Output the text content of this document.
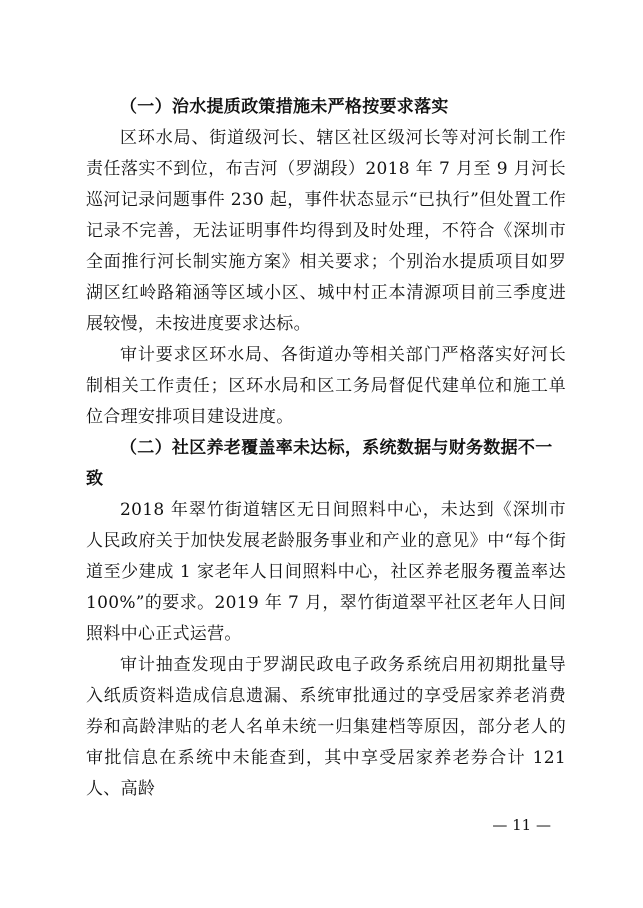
（一）治水提质政策措施未严格按要求落实

区环水局、街道级河长、辖区社区级河长等对河长制工作责任落实不到位，布吉河（罗湖段）2018 年 7 月至 9 月河长巡河记录问题事件 230 起，事件状态显示“已执行”但处置工作记录不完善，无法证明事件均得到及时处理，不符合《深圳市全面推行河长制实施方案》相关要求；个别治水提质项目如罗湖区红岭路箱涵等区域小区、城中村正本清源项目前三季度进展较慢，未按进度要求达标。

审计要求区环水局、各街道办等相关部门严格落实好河长制相关工作责任；区环水局和区工务局督促代建单位和施工单位合理安排项目建设进度。

（二）社区养老覆盖率未达标，系统数据与财务数据不一致

2018 年翠竹街道辖区无日间照料中心，未达到《深圳市人民政府关于加快发展老龄服务事业和产业的意见》中“每个街道至少建成 1 家老年人日间照料中心，社区养老服务覆盖率达100%”的要求。2019 年 7 月，翠竹街道翠平社区老年人日间照料中心正式运营。

审计抽查发现由于罗湖民政电子政务系统启用初期批量导入纸质资料造成信息遗漏、系统审批通过的享受居家养老消费券和高龄津贴的老人名单未统一归集建档等原因，部分老人的审批信息在系统中未能查到，其中享受居家养老券合计 121 人、高龄

— 11 —
